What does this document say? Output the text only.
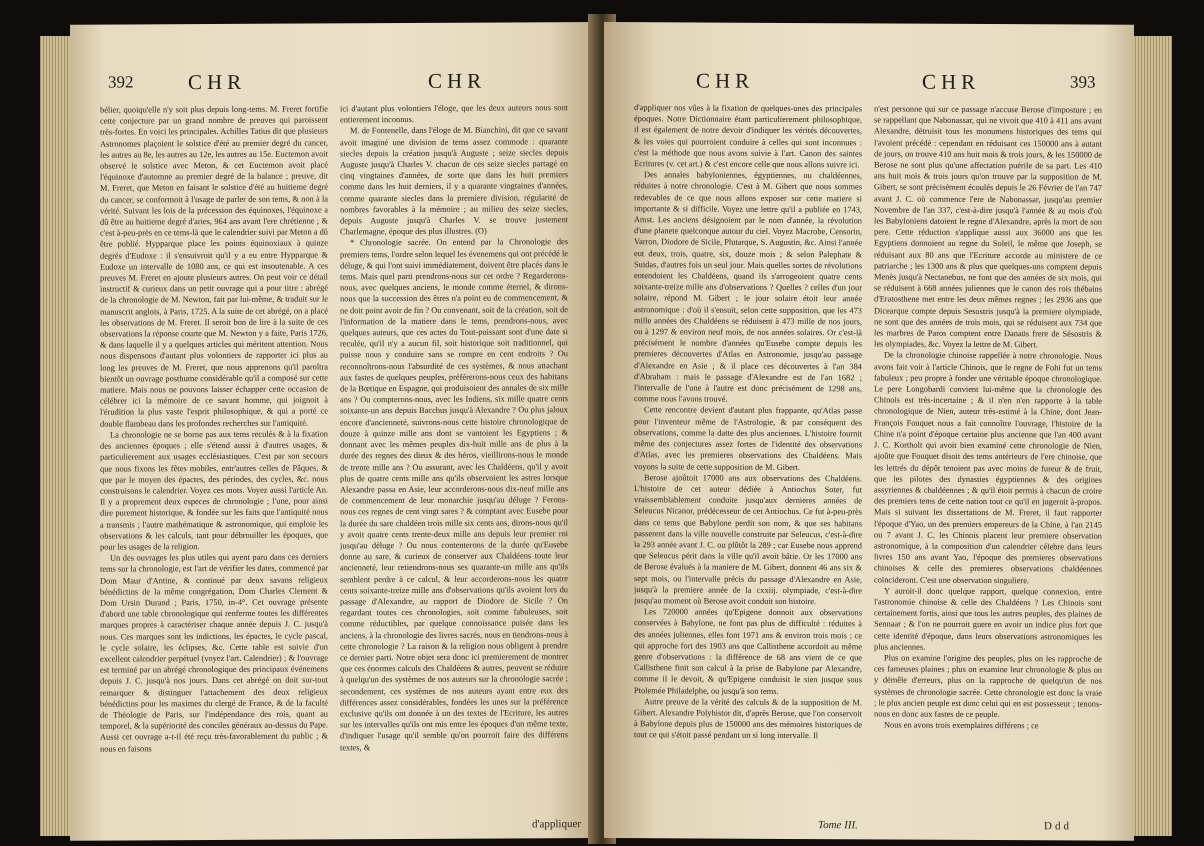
392	CHR	CHR

bélier, quoiqu'elle n'y soit plus depuis long-tems. M. Freret fortifie cette conjecture par un grand nombre de preuves qui paroissent très-fortes. En voici les principales. Achilles Tatius dit que plusieurs Astronomes plaçoient le solstice d'été au premier degré du cancer, les autres au 8e, les autres au 12e, les autres au 15e. Euctemon avoit observé le solstice avec Meton, & cet Euctemon avoit placé l'équinoxe d'automne au premier degré de la balance ; preuve, dit M. Freret, que Meton en faisant le solstice d'été au huitieme degré du cancer, se conformoit à l'usage de parler de son tems, & non à la vérité. Suivant les lois de la précession des équinoxes, l'équinoxe a dû être au huitieme degré d'aries, 964 ans avant l'ere chrétienne ; & c'est à-peu-près en ce tems-là que le calendrier suivi par Meton a dû être publié. Hypparque place les points équinoxiaux à quinze degrés d'Eudoxe : il s'ensuivroit qu'il y a eu entre Hypparque & Eudoxe un intervalle de 1080 ans, ce qui est insoutenable. A ces preuves M. Freret en ajoute plusieurs autres. On peut voir ce détail instructif & curieux dans un petit ouvrage qui a pour titre : abrégé de la chronologie de M. Newton, fait par lui-même, & traduit sur le manuscrit anglois, à Paris, 1725. A la suite de cet abrégé, on a placé les observations de M. Freret. Il seroit bon de lire à la suite de ces observations la réponse courte que M. Newton y a faite, Paris 1726, & dans laquelle il y a quelques articles qui méritent attention. Nous nous dispensons d'autant plus volontiers de rapporter ici plus au long les preuves de M. Freret, que nous apprenons qu'il paroîtra bientôt un ouvrage posthume considérable qu'il a composé sur cette matiere. Mais nous ne pouvons laisser échapper cette occasion de célébrer ici la mémoire de ce savant homme, qui joignoit à l'érudition la plus vaste l'esprit philosophique, & qui a porté ce double flambeau dans les profondes recherches sur l'antiquité.

La chronologie ne se borne pas aux tems reculés & à la fixation des anciennes époques ; elle s'étend aussi à d'autres usages, & particulierement aux usages ecclésiastiques. C'est par son secours que nous fixons les fêtes mobiles, entr'autres celles de Pâques, & que par le moyen des épactes, des périodes, des cycles, &c. nous construisons le calendrier. Voyez ces mots. Voyez aussi l'article An. Il y a proprement deux especes de chronologie ; l'une, pour ainsi dire purement historique, & fondée sur les faits que l'antiquité nous a transmis ; l'autre mathématique & astronomique, qui emploie les observations & les calculs, tant pour débrouiller les époques, que pour les usages de la religion.

Un des ouvrages les plus utiles qui ayent paru dans ces derniers tems sur la chronologie, est l'art de vérifier les dates, commencé par Dom Maur d'Antine, & continué par deux savans religieux bénédictins de la même congrégation, Dom Charles Clement & Dom Ursin Durand ; Paris, 1750, in-4°. Cet ouvrage présente d'abord une table chronologique qui renferme toutes les différentes marques propres à caractériser chaque année depuis J. C. jusqu'à nous. Ces marques sont les indictions, les épactes, le cycle pascal, le cycle solaire, les éclipses, &c. Cette table est suivie d'un excellent calendrier perpétuel (voyez l'art. Calendrier) ; & l'ouvrage est terminé par un abrégé chronologique des principaux événemens depuis J. C. jusqu'à nos jours. Dans cet abrégé on doit sur-tout remarquer & distinguer l'attachement des deux religieux bénédictins pour les maximes du clergé de France, & de la faculté de Théologie de Paris, sur l'indépendance des rois, quant au temporel, & la supériorité des conciles généraux au-dessus du Pape. Aussi cet ouvrage a-t-il été reçu très-favorablement du public ; & nous en faisons

ici d'autant plus volontiers l'éloge, que les deux auteurs nous sont entierement inconnus.

M. de Fontenelle, dans l'éloge de M. Bianchini, dit que ce savant avoit imaginé une division de tems assez commode : quarante siecles depuis la création jusqu'à Auguste ; seize siecles depuis Auguste jusqu'à Charles V. chacun de ces seize siecles partagé en cinq vingtaines d'années, de sorte que dans les huit premiers comme dans les huit derniers, il y a quarante vingtaines d'années, comme quarante siecles dans la premiere division, régularité de nombres favorables à la mémoire ; au milieu des seize siecles, depuis Auguste jusqu'à Charles V. se trouve justement Charlemagne, époque des plus illustres. (O)

* Chronologie sacrée. On entend par la Chronologie des premiers tems, l'ordre selon lequel les évenemens qui ont précédé le déluge, & qui l'ont suivi immédiatement, doivent être placés dans le tems. Mais quel parti prendrons-nous sur cet ordre ? Regarderons-nous, avec quelques anciens, le monde comme éternel, & dirons-nous que la succession des êtres n'a point eu de commencement, & ne doit point avoir de fin ? Ou convenant, soit de la création, soit de l'information de la matiere dans le tems, prendrons-nous, avec quelques auteurs, que ces actes du Tout-puissant sont d'une date si reculée, qu'il n'y a aucun fil, soit historique soit traditionnel, qui puisse nous y conduire sans se rompre en cent endroits ? Ou reconnoîtrons-nous l'absurdité de ces systèmes, & nous attachant aux fastes de quelques peuples, préférerons-nous ceux des habitans de la Bœtique en Espagne, qui produisoient des annales de six mille ans ? Ou compterons-nous, avec les Indiens, six mille quatre cents soixante-un ans depuis Bacchus jusqu'à Alexandre ? Ou plus jaloux encore d'ancienneté, suivrons-nous cette histoire chronologique de douze à quinze mille ans dont se vantoient les Egyptiens ; & donnant avec les mêmes peuples dix-huit mille ans de plus à la durée des regnes des dieux & des héros, vieillirons-nous le monde de trente mille ans ? Ou assurant, avec les Chaldéens, qu'il y avoit plus de quatre cents mille ans qu'ils observoient les astres lorsque Alexandre passa en Asie, leur accorderons-nous dix-neuf mille ans de commencement de leur monarchie jusqu'au déluge ? Ferons-nous ces regnes de cent vingt sares ? & comptant avec Eusebe pour la durée du sare chaldéen trois mille six cents ans, dirons-nous qu'il y avoit quatre cents trente-deux mille ans depuis leur premier roi jusqu'au déluge ? Ou nous contenterons de la durée qu'Eusebe donne au sare, & curieux de conserver aux Chaldéens toute leur ancienneté, leur retiendrons-nous ses quarante-un mille ans qu'ils semblent perdre à ce calcul, & leur accorderons-nous les quatre cents soixante-treize mille ans d'observations qu'ils avoient lors du passage d'Alexandre, au rapport de Diodore de Sicile ? On regardant toutes ces chronologies, soit comme fabuleuses, soit comme réductibles, par quelque connoissance puisée dans les anciens, à la chronologie des livres sacrés, nous en tiendrons-nous à cette chronologie ? La raison & la religion nous obligent à prendre ce dernier parti. Notre objet sera donc ici premierement de montrer que ces énormes calculs des Chaldéens & autres, peuvent se réduire à quelqu'un des systèmes de nos auteurs sur la chronologie sacrée ; secondement, ces systèmes de nos auteurs ayant entre eux des différences assez considérables, fondées les unes sur la préférence exclusive qu'ils ont donnée à un des textes de l'Ecriture, les autres sur les intervalles qu'ils ont mis entre les époques d'un même texte, d'indiquer l'usage qu'il semble qu'on pourroit faire des différens textes, &

d'appliquer
CHR	CHR	393

d'appliquer nos vûes à la fixation de quelques-unes des principales époques. Notre Dictionnaire étant particulierement philosophique, il est également de notre devoir d'indiquer les vérités découvertes, & les voies qui pourroient conduire à celles qui sont inconnues : c'est la méthode que nous avons suivie à l'art. Canon des saintes Ecritures (v. cet art.) & c'est encore celle que nous allons suivre ici.

Des annales babyloniennes, égyptiennes, ou chaldéennes, réduites à notre chronologie. C'est à M. Gibert que nous sommes redevables de ce que nous allons exposer sur cette matiere si importante & si difficile. Voyez une lettre qu'il a publiée en 1743, Amst. Les anciens désignoient par le nom d'année, la révolution d'une planete quelconque autour du ciel. Voyez Macrobe, Censorin, Varron, Diodore de Sicile, Plutarque, S. Augustin, &c. Ainsi l'année eut deux, trois, quatre, six, douze mois ; & selon Palephate & Suidas, d'autres fois un seul jour. Mais quelles sortes de révolutions entendoient les Chaldéens, quand ils s'arrogeoient quatre cents soixante-treize mille ans d'observations ? Quelles ? celles d'un jour solaire, répond M. Gibert ; le jour solaire étoit leur année astronomique : d'où il s'ensuit, selon cette supposition, que les 473 mille années des Chaldéens se réduisent à 473 mille de nos jours, ou à 1297 & environ neuf mois, de nos années solaires. Or c'est-là précisément le nombre d'années qu'Eusebe compte depuis les premieres découvertes d'Atlas en Astronomie, jusqu'au passage d'Alexandre en Asie ; & il place ces découvertes à l'an 384 d'Abraham : mais le passage d'Alexandre est de l'an 1682 ; l'intervalle de l'une à l'autre est donc précisément de 1298 ans, comme nous l'avons trouvé.

Cette rencontre devient d'autant plus frappante, qu'Atlas passe pour l'inventeur même de l'Astrologie, & par conséquent des observations, comme la datte des plus anciennes. L'histoire fournit même des conjectures assez fortes de l'identité des observations d'Atlas, avec les premieres observations des Chaldéens. Mais voyons la suite de cette supposition de M. Gibert.

Berose ajoûtoit 17000 ans aux observations des Chaldéens. L'histoire de cet auteur dédiée à Antiochus Soter, fut vraissemblablement conduite jusqu'aux dernieres années de Seleucus Nicanor, prédécesseur de cet Antiochus. Ce fut à-peu-près dans ce tems que Babylone perdit son nom, & que ses habitans passerent dans la ville nouvelle construite par Seleucus, c'est-à-dire la 293 année avant J. C. ou plûtôt la 289 ; car Eusebe nous apprend que Seleucus périt dans la ville qu'il avoit bâtie. Or les 17000 ans de Berose évalués à la maniere de M. Gibert, donnent 46 ans six & sept mois, ou l'intervalle précis du passage d'Alexandre en Asie, jusqu'à la premiere année de la cxxiij. olympiade, c'est-à-dire jusqu'au moment où Berose avoit conduit son histoire.

Les 720000 années qu'Epigene donnoit aux observations conservées à Babylone, ne font pas plus de difficulté : réduites à des années juliennes, elles font 1971 ans & environ trois mois ; ce qui approche fort des 1903 ans que Callisthene accordoit au même genre d'observations : la différence de 68 ans vient de ce que Callisthene finit son calcul à la prise de Babylone par Alexandre, comme il le devoit, & qu'Epigene conduisit le sien jusque sous Ptolemée Philadelphe, ou jusqu'à son tems.

Autre preuve de la vérité des calculs & de la supposition de M. Gibert. Alexandre Polyhistor dit, d'après Berose, que l'on conservoit à Babylone depuis plus de 150000 ans des mémoires historiques de tout ce qui s'étoit passé pendant un si long intervalle. Il

n'est personne qui sur ce passage n'accuse Berose d'imposture ; en se rappellant que Nabonassar, qui ne vivoit que 410 à 411 ans avant Alexandre, détruisit tous les monumens historiques des tems qui l'avoient précédé : cependant en réduisant ces 150000 ans à autant de jours, on trouve 410 ans huit mois & trois jours, & les 150000 de Berose ne sont plus qu'une affectation puérile de sa part. Les 410 ans huit mois & trois jours qu'on trouve par la supposition de M. Gibert, se sont précisément écoulés depuis le 26 Février de l'an 747 avant J. C. où commence l'ere de Nabonassar, jusqu'au premier Novembre de l'an 337, c'est-à-dire jusqu'à l'année & au mois d'où les Babyloniens datoient le regne d'Alexandre, après la mort de son pere. Cette réduction s'applique aussi aux 36000 ans que les Egyptiens donnoient au regne du Soleil, le même que Joseph, se réduisant aux 80 ans que l'Ecriture accorde au ministere de ce patriarche ; les 1300 ans & plus que quelques-uns comptent depuis Menès jusqu'à Nectanebus, ne font que des années de six mois, qui se réduisent à 668 années juliennes que le canon des rois thébains d'Eratosthene met entre les deux mêmes regnes ; les 2936 ans que Dicearque compte depuis Sesostris jusqu'à la premiere olympiade, ne sont que des années de trois mois, qui se réduisent aux 734 que les marbres de Paros comptent entre Danaüs frere de Sésostris & les olympiades, &c. Voyez la lettre de M. Gibert.

De la chronologie chinoise rappellée à notre chronologie. Nous avons fait voir à l'article Chinois, que le regne de Fohi fut un tems fabuleux ; peu propre à fonder une véritable époque chronologique. Le pere Longobardi convient lui-même que la chronologie des Chinois est très-incertaine ; & il n'en n'en rapporte à la table chronologique de Nien, auteur très-estimé à la Chine, dont Jean-François Fouquet nous a fait connoître l'ouvrage, l'histoire de la Chine n'a point d'époque certaine plus ancienne que l'an 400 avant J. C. Kortholt qui avoit bien examiné cette chronologie de Nien, ajoûte que Fouquet disoit des tems antérieurs de l'ere chinoise, que les lettrés du dépôt tenoient pas avec moins de fureur & de fruit, que les pilotes des dynasties égyptiennes & des origines assyriennes & chaldéennes ; & qu'il étoit permis à chacun de croire des premiers tems de cette nation tout ce qu'il en jugeroit à-propos. Mais si suivant les dissertations de M. Freret, il faut rapporter l'époque d'Yao, un des premiers empereurs de la Chine, à l'an 2145 ou 7 avant J. C. les Chinois placent leur premiere observation astronomique, à la composition d'un calendrier célebre dans leurs livres 150 ans avant Yao, l'époque des premieres observations chinoises & celle des premieres observations chaldéennes coïncideront. C'est une observation singuliere.

Y auroit-il donc quelque rapport, quelque connexion, entre l'astronomie chinoise & celle des Chaldéens ? Les Chinois sont certainement fortis, ainsi que tous les autres peuples, des plaines de Sennaar ; & l'on ne pourroit guere en avoir un indice plus fort que cette identité d'époque, dans leurs observations astronomiques les plus anciennes.

Plus on examine l'origine des peuples, plus on les rapproche de ces fameuses plaines ; plus on examine leur chronologie & plus on y démêle d'erreurs, plus on la rapproche de quelqu'un de nos systèmes de chronologie sacrée. Cette chronologie est donc la vraie ; le plus ancien peuple est donc celui qui en est possesseur ; tenons-nous en donc aux fastes de ce peuple.

Nous en avons trois exemplaires différens ; ce

Tome III.	Ddd
